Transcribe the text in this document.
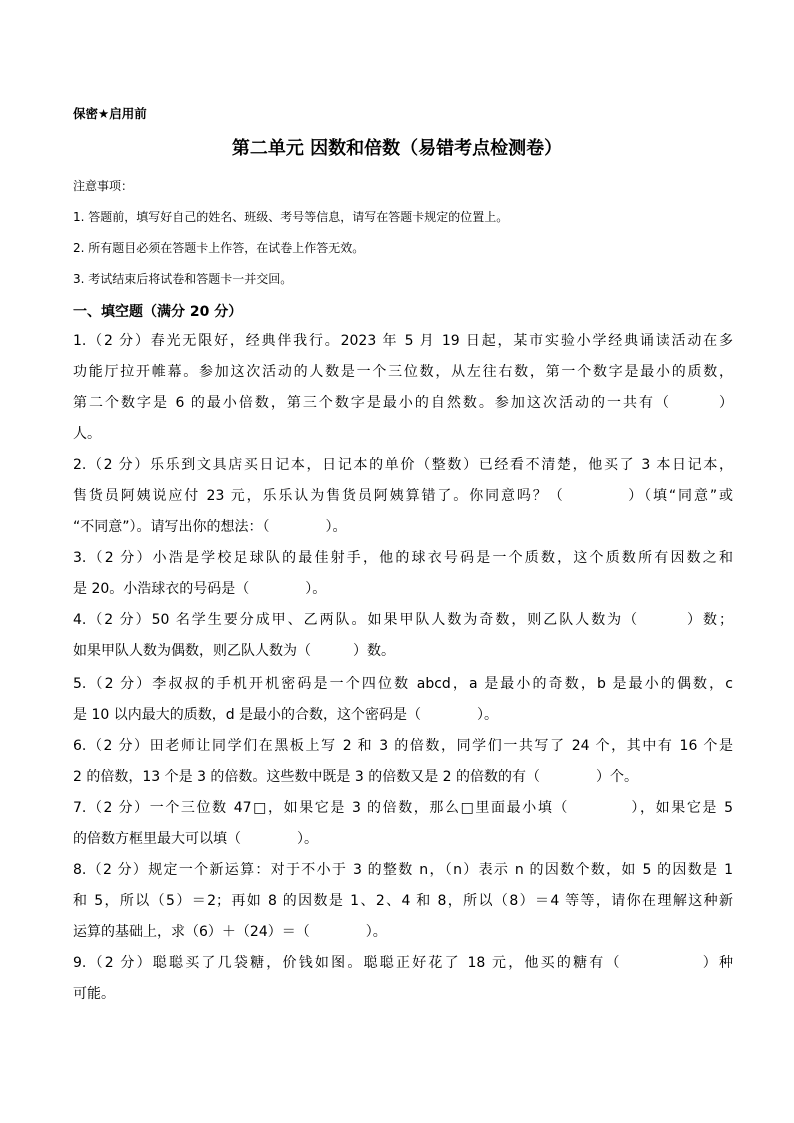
保密★启用前
第二单元 因数和倍数（易错考点检测卷）
注意事项：
1. 答题前，填写好自己的姓名、班级、考号等信息，请写在答题卡规定的位置上。
2. 所有题目必须在答题卡上作答，在试卷上作答无效。
3. 考试结束后将试卷和答题卡一并交回。
一、填空题（满分 20 分）
1.（2 分）春光无限好，经典伴我行。2023 年 5 月 19 日起，某市实验小学经典诵读活动在多
功能厅拉开帷幕。参加这次活动的人数是一个三位数，从左往右数，第一个数字是最小的质数，
第二个数字是 6 的最小倍数，第三个数字是最小的自然数。参加这次活动的一共有（　　　）
人。
2.（2 分）乐乐到文具店买日记本，日记本的单价（整数）已经看不清楚，他买了 3 本日记本，
售货员阿姨说应付 23 元，乐乐认为售货员阿姨算错了。你同意吗？（　　　　）（填“同意”或
“不同意”）。请写出你的想法：（　　　　）。
3.（2 分）小浩是学校足球队的最佳射手，他的球衣号码是一个质数，这个质数所有因数之和
是 20。小浩球衣的号码是（　　　　）。
4.（2 分）50 名学生要分成甲、乙两队。如果甲队人数为奇数，则乙队人数为（　　　）数；
如果甲队人数为偶数，则乙队人数为（　　　）数。
5.（2 分）李叔叔的手机开机密码是一个四位数 abcd，a 是最小的奇数，b 是最小的偶数，c
是 10 以内最大的质数，d 是最小的合数，这个密码是（　　　　）。
6.（2 分）田老师让同学们在黑板上写 2 和 3 的倍数，同学们一共写了 24 个，其中有 16 个是
2 的倍数，13 个是 3 的倍数。这些数中既是 3 的倍数又是 2 的倍数的有（　　　　）个。
7.（2 分）一个三位数 47□，如果它是 3 的倍数，那么□里面最小填（　　　　），如果它是 5
的倍数方框里最大可以填（　　　　）。
8.（2 分）规定一个新运算：对于不小于 3 的整数 n，（n）表示 n 的因数个数，如 5 的因数是 1
和 5，所以（5）＝2；再如 8 的因数是 1、2、4 和 8，所以（8）＝4 等等，请你在理解这种新
运算的基础上，求（6）＋（24）＝（　　　　）。
9.（2 分）聪聪买了几袋糖，价钱如图。聪聪正好花了 18 元，他买的糖有（　　　　　）种
可能。
